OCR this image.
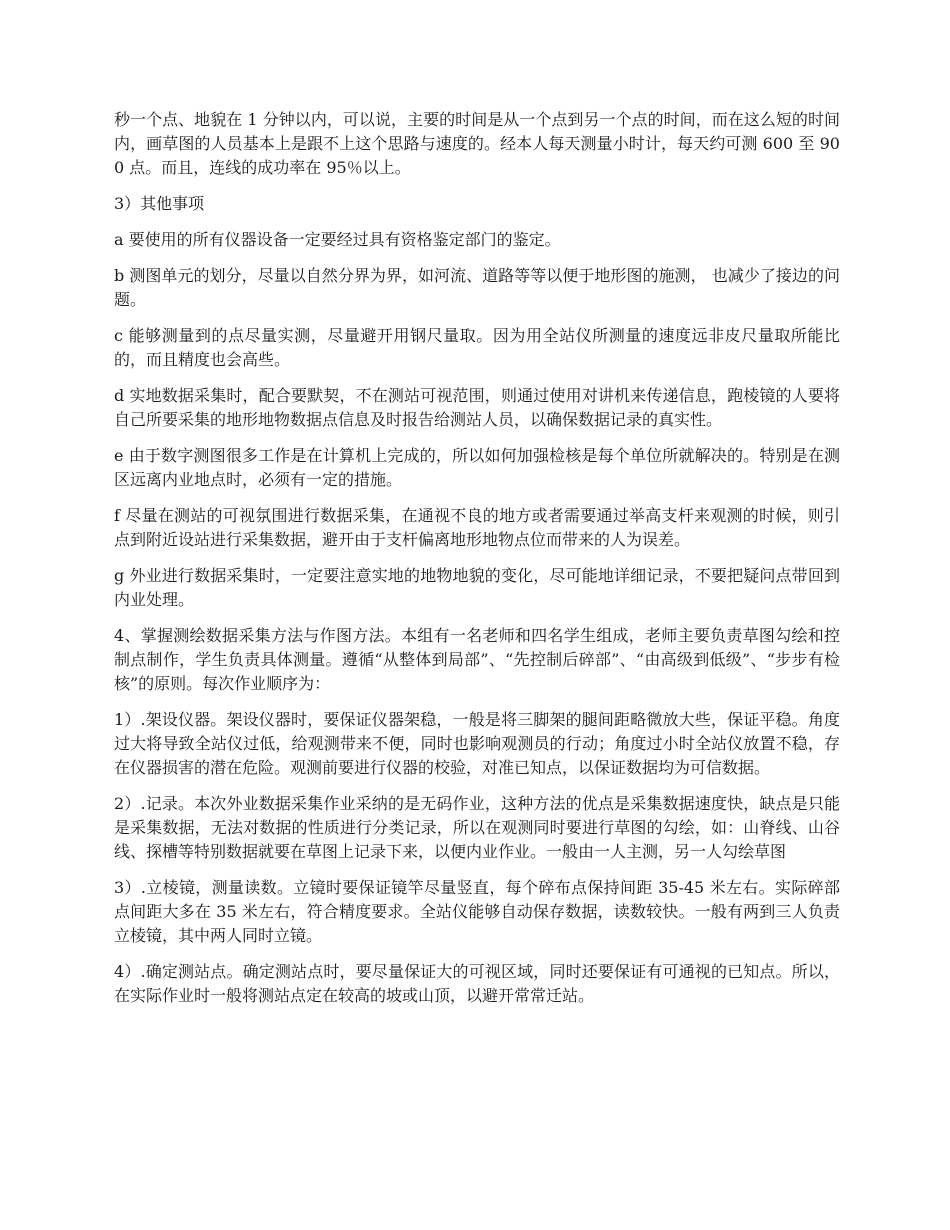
秒一个点、地貌在 1 分钟以内，可以说，主要的时间是从一个点到另一个点的时间，而在这么短的时间内，画草图的人员基本上是跟不上这个思路与速度的。经本人每天测量小时计，每天约可测 600 至 900 点。而且，连线的成功率在 95％以上。

3）其他事项

a 要使用的所有仪器设备一定要经过具有资格鉴定部门的鉴定。

b 测图单元的划分，尽量以自然分界为界，如河流、道路等等以便于地形图的施测， 也减少了接边的问题。

c 能够测量到的点尽量实测，尽量避开用钢尺量取。因为用全站仪所测量的速度远非皮尺量取所能比的，而且精度也会高些。

d 实地数据采集时，配合要默契，不在测站可视范围，则通过使用对讲机来传递信息，跑棱镜的人要将自己所要采集的地形地物数据点信息及时报告给测站人员，以确保数据记录的真实性。

e 由于数字测图很多工作是在计算机上完成的，所以如何加强检核是每个单位所就解决的。特别是在测区远离内业地点时，必须有一定的措施。

f 尽量在测站的可视氛围进行数据采集，在通视不良的地方或者需要通过举高支杆来观测的时候，则引点到附近设站进行采集数据，避开由于支杆偏离地形地物点位而带来的人为误差。

g 外业进行数据采集时，一定要注意实地的地物地貌的变化，尽可能地详细记录，不要把疑问点带回到内业处理。

4、掌握测绘数据采集方法与作图方法。本组有一名老师和四名学生组成，老师主要负责草图勾绘和控制点制作，学生负责具体测量。遵循“从整体到局部”、“先控制后碎部”、“由高级到低级”、“步步有检核”的原则。每次作业顺序为：

1）.架设仪器。架设仪器时，要保证仪器架稳，一般是将三脚架的腿间距略微放大些，保证平稳。角度过大将导致全站仪过低，给观测带来不便，同时也影响观测员的行动；角度过小时全站仪放置不稳，存在仪器损害的潜在危险。观测前要进行仪器的校验，对准已知点，以保证数据均为可信数据。

2）.记录。本次外业数据采集作业采纳的是无码作业，这种方法的优点是采集数据速度快，缺点是只能是采集数据，无法对数据的性质进行分类记录，所以在观测同时要进行草图的勾绘，如：山脊线、山谷线、探槽等特别数据就要在草图上记录下来，以便内业作业。一般由一人主测，另一人勾绘草图

3）.立棱镜，测量读数。立镜时要保证镜竿尽量竖直，每个碎布点保持间距 35-45 米左右。实际碎部点间距大多在 35 米左右，符合精度要求。全站仪能够自动保存数据，读数较快。一般有两到三人负责立棱镜，其中两人同时立镜。

4）.确定测站点。确定测站点时，要尽量保证大的可视区域，同时还要保证有可通视的已知点。所以，在实际作业时一般将测站点定在较高的坡或山顶，以避开常常迁站。
